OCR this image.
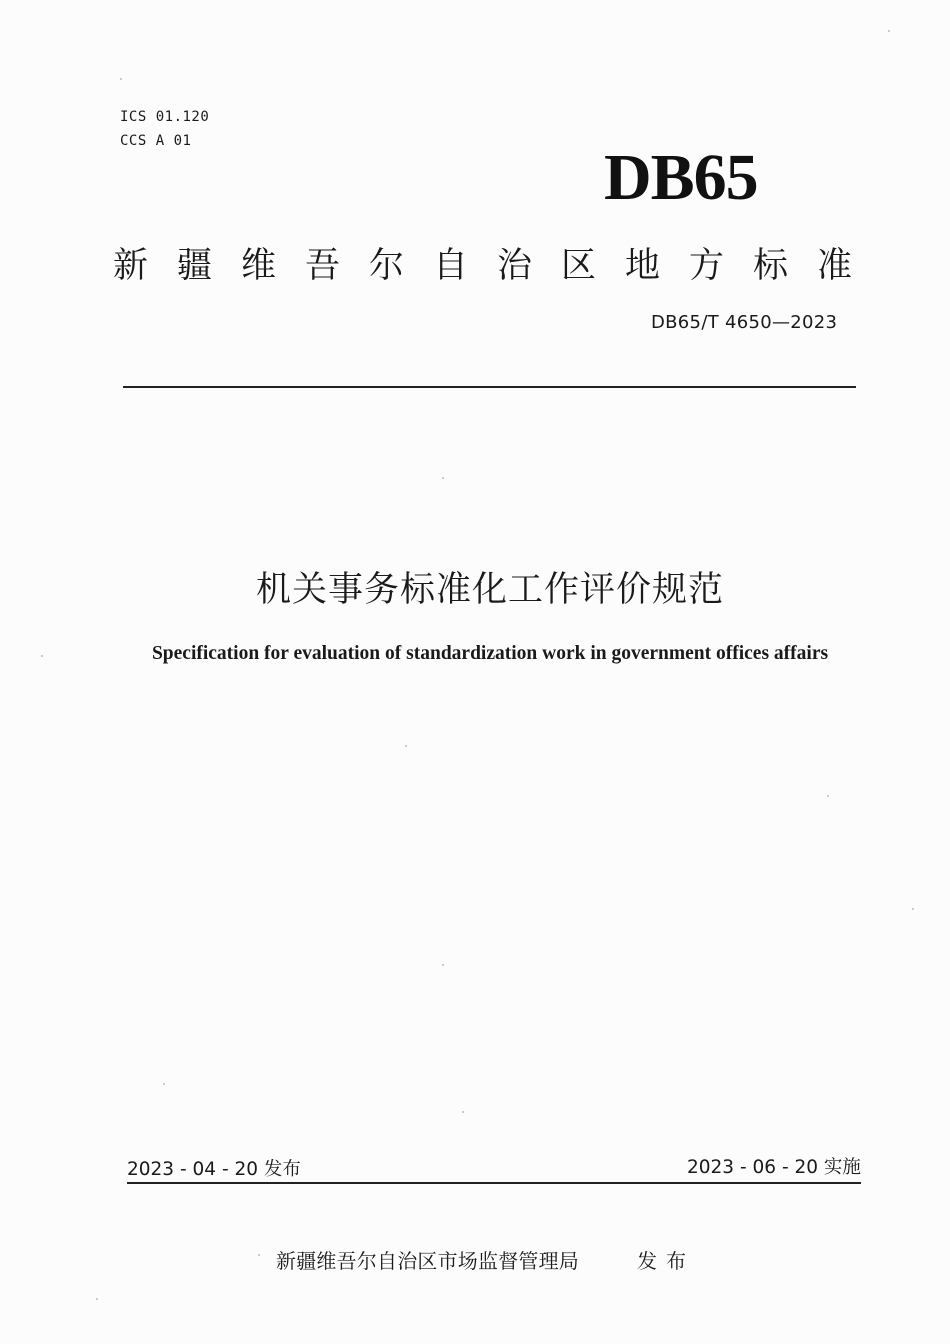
ICS 01.120
CCS A 01	DB65
新疆维吾尔自治区地方标准
DB65/T 4650—2023
机关事务标准化工作评价规范
Specification for evaluation of standardization work in government offices affairs
2023 - 04 - 20 发布	2023 - 06 - 20 实施
新疆维吾尔自治区市场监督管理局	发布
